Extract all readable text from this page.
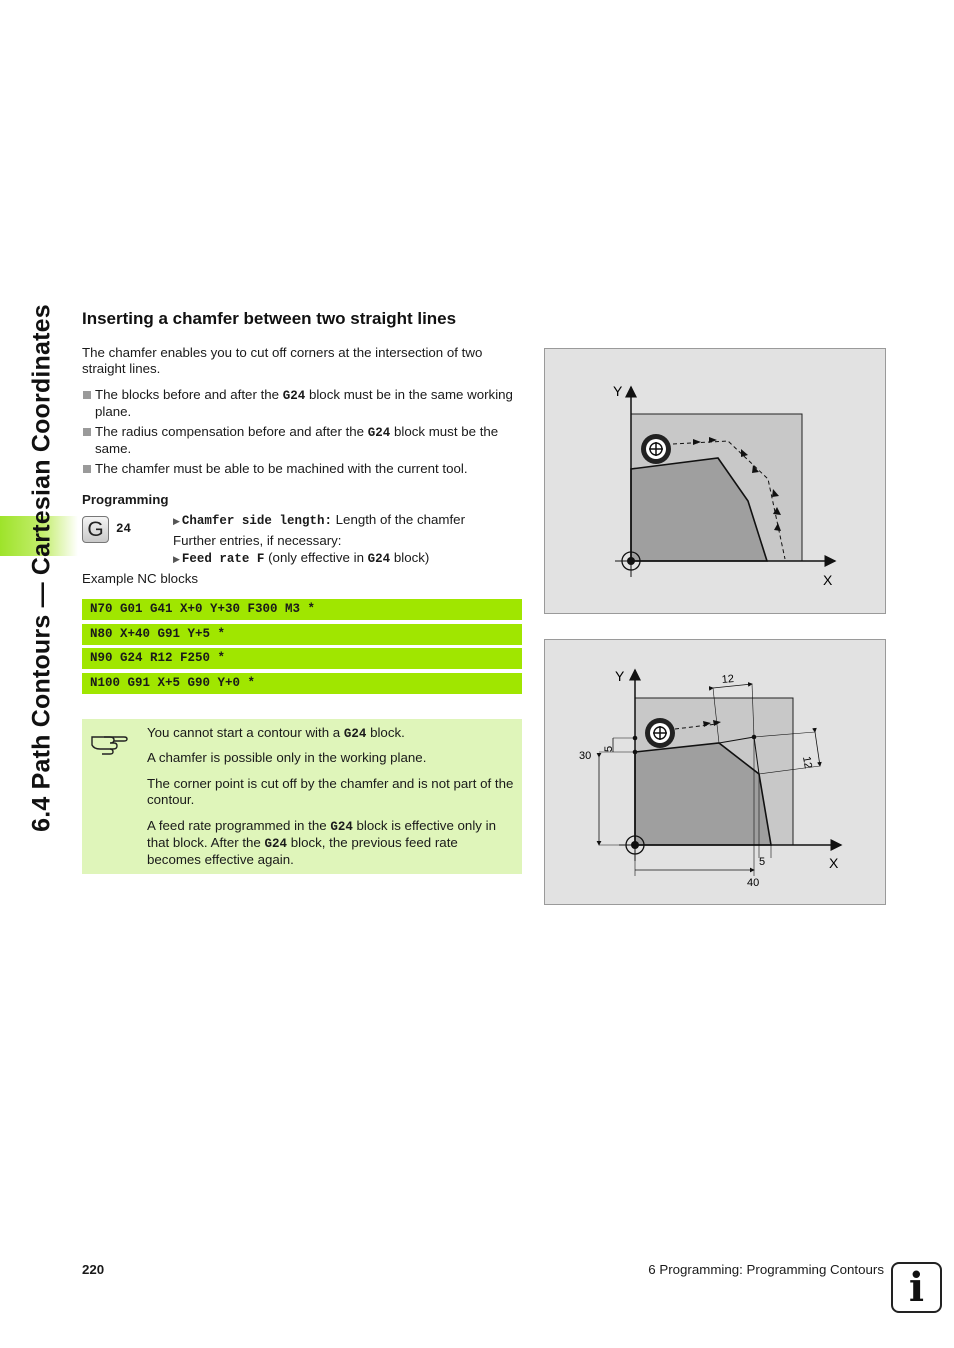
6.4 Path Contours — Cartesian Coordinates Inserting a chamfer between two straight lines

The chamfer enables you to cut off corners at the intersection of two straight lines.

The blocks before and after the G24 block must be in the same working plane.
The radius compensation before and after the G24 block must be the same.
The chamfer must be able to be machined with the current tool.
Programming
G 24
▶ Chamfer side length: Length of the chamfer
Further entries, if necessary:
▶ Feed rate F (only effective in G24 block)
Example NC blocks
N70 G01 G41 X+0 Y+30 F300 M3 *
N80 X+40 G91 Y+5 *
N90 G24 R12 F250 *
N100 G91 X+5 G90 Y+0 *

You cannot start a contour with a G24 block.

A chamfer is possible only in the working plane.

The corner point is cut off by the chamfer and is not part of the contour.

A feed rate programmed in the G24 block is effective only in that block. After the G24 block, the previous feed rate becomes effective again.

Y
X
Y
X
12
12
5
30
5
40
220	6 Programming: Programming Contours i
